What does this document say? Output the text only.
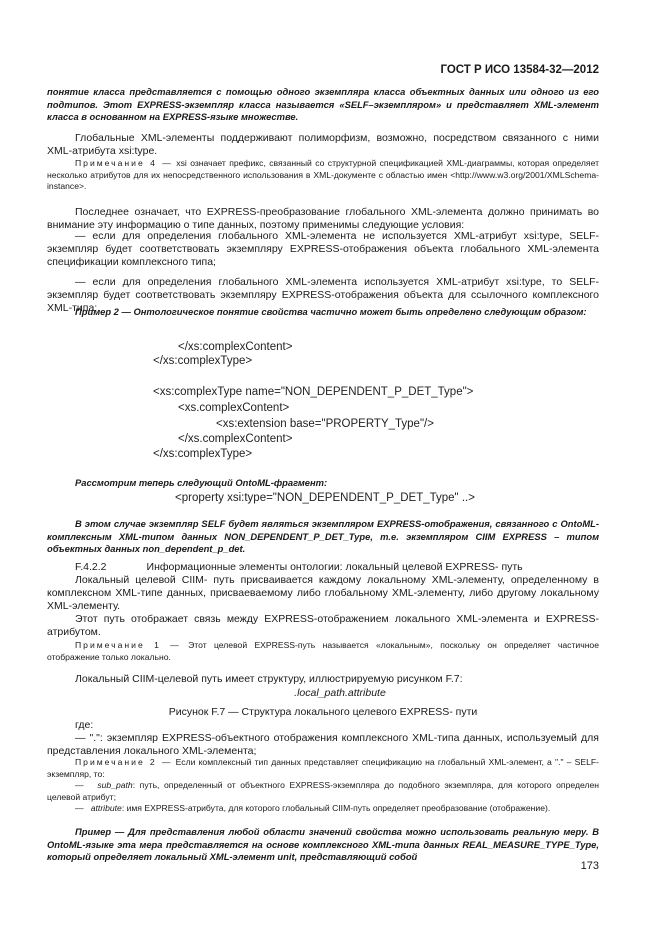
ГОСТ Р ИСО 13584-32—2012
понятие класса представляется с помощью одного экземпляра класса объектных данных или одного из его подтипов. Этот EXPRESS-экземпляр класса называется «SELF–экземпляром» и представляет XML-элемент класса в основанном на EXPRESS-языке множестве.
Глобальные XML-элементы поддерживают полиморфизм, возможно, посредством связанного с ними XML-атрибута xsi:type.

Примечание 4 — xsi означает префикс, связанный со структурной спецификацией XML-диаграммы, которая определяет несколько атрибутов для их непосредственного использования в XML-документе с областью имен <http://www.w3.org/2001/XMLSchema-instance>.

Последнее означает, что EXPRESS-преобразование глобального XML-элемента должно принимать во внимание эту информацию о типе данных, поэтому применимы следующие условия:

— если для определения глобального XML-элемента не используется XML-атрибут xsi:type, SELF-экземпляр будет соответствовать экземпляру EXPRESS-отображения объекта глобального XML-элемента спецификации комплексного типа;

— если для определения глобального XML-элемента используется XML-атрибут xsi:type, то SELF-экземпляр будет соответствовать экземпляру EXPRESS-отображения объекта для ссылочного комплексного XML-типа;

Пример 2 — Онтологическое понятие свойства частично может быть определено следующим образом:
</xs:complexContent>
</xs:complexType>
<xs:complexType name="NON_DEPENDENT_P_DET_Type">
<xs.complexContent>
<xs:extension base="PROPERTY_Type"/>
</xs.complexContent>
</xs:complexType>
Рассмотрим теперь следующий OntoML-фрагмент:
<property xsi:type="NON_DEPENDENT_P_DET_Type" ..>
В этом случае экземпляр SELF будет являться экземпляром EXPRESS-отображения, связанного с OntoML-комплексным XML-типом данных NON_DEPENDENT_P_DET_Type, т.е. экземпляром CIIM EXPRESS – типом объектных данных non_dependent_p_det.

F.4.2.2	Информационные элементы онтологии: локальный целевой EXPRESS- путь

Локальный целевой CIIM- путь присваивается каждому локальному XML-элементу, определенному в комплексном XML-типе данных, присваеваемому либо глобальному XML-элементу, либо другому локальному XML-элементу.
Этот путь отображает связь между EXPRESS-отображением локального XML-элемента и EXPRESS-атрибутом.

Примечание 1 — Этот целевой EXPRESS-путь называется «локальным», поскольку он определяет частичное отображение только локально.

Локальный CIIM-целевой путь имеет структуру, иллюстрируемую рисунком F.7:
.local_path.attribute
Рисунок F.7 — Структура локального целевого EXPRESS- пути
где:
— ".": экземпляр EXPRESS-объектного отображения комплексного XML-типа данных, используемый для представления локального XML-элемента;

Примечание 2 — Если комплексный тип данных представляет спецификацию на глобальный XML-элемент, а "." – SELF-экземпляр, то:

— sub_path: путь, определенный от объектного EXPRESS-экземпляра до подобного экземпляра, для которого определен целевой атрибут;

— attribute: имя EXPRESS-атрибута, для которого глобальный CIIM-путь определяет преобразование (отображение).

Пример — Для представления любой области значений свойства можно использовать реальную меру. В OntoML-языке эта мера представляется на основе комплексного XML-типа данных REAL_MEASURE_TYPE_Type, который определяет локальный XML-элемент unit, представляющий собой
173
